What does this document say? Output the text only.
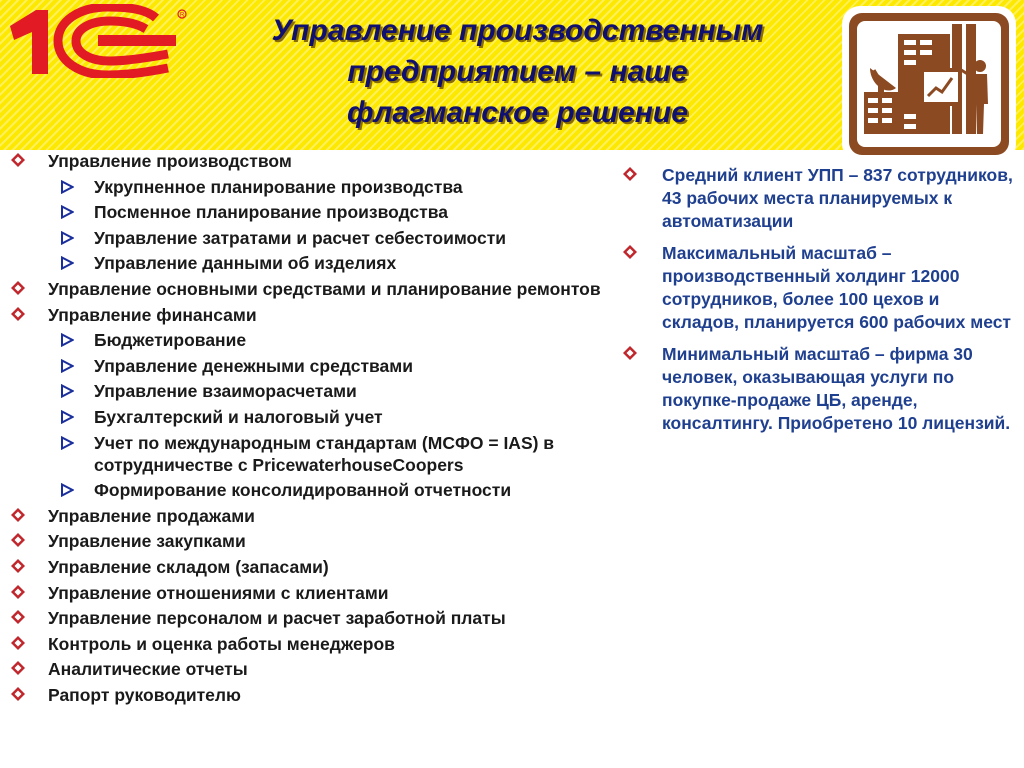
R	Управление производственным
предприятием – наше
флагманское решение
Управление производством
Укрупненное планирование производства
Посменное планирование производства
Управление затратами и расчет себестоимости
Управление данными об изделиях
Управление основными средствами и планирование ремонтов
Управление финансами
Бюджетирование
Управление денежными средствами
Управление взаиморасчетами
Бухгалтерский и налоговый учет
Учет по международным стандартам (МСФО = IAS) в сотрудничестве с PricewaterhouseCoopers
Формирование консолидированной отчетности
Управление продажами
Управление закупками
Управление складом (запасами)
Управление отношениями с клиентами
Управление персоналом и расчет заработной платы
Контроль и оценка работы менеджеров
Аналитические отчеты
Рапорт руководителю
Средний клиент УПП – 837 сотрудников, 43 рабочих места планируемых к автоматизации
Максимальный масштаб – производственный холдинг 12000 сотрудников, более 100 цехов и складов, планируется 600 рабочих мест
Минимальный масштаб – фирма 30 человек, оказывающая услуги по покупке-продаже ЦБ, аренде, консалтингу. Приобретено 10 лицензий.
